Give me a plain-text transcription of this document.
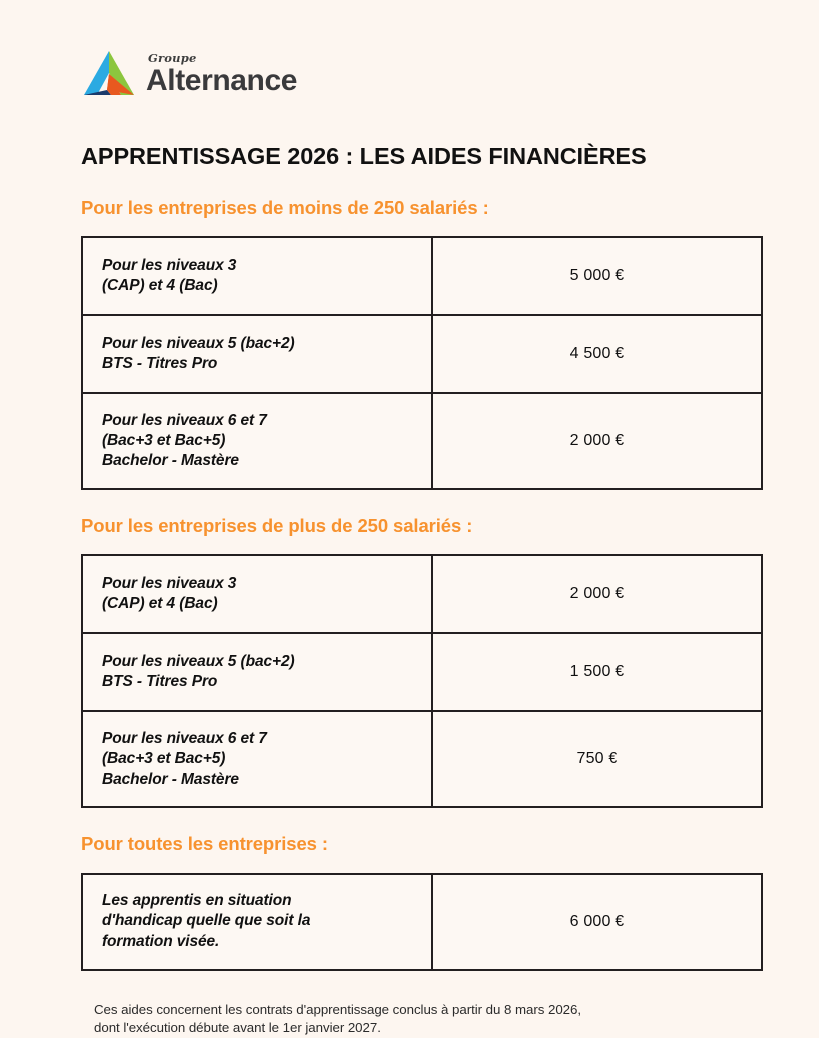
Groupe
Alternance
APPRENTISSAGE 2026 : LES AIDES FINANCIÈRES
Pour les entreprises de moins de 250 salariés :
Pour les niveaux 3
(CAP) et 4 (Bac)	5 000 €

Pour les niveaux 5 (bac+2)
BTS - Titres Pro	4 500 €

Pour les niveaux 6 et 7
(Bac+3 et Bac+5)
Bachelor - Mastère	2 000 €
Pour les entreprises de plus de 250 salariés :
Pour les niveaux 3
(CAP) et 4 (Bac)	2 000 €

Pour les niveaux 5 (bac+2)
BTS - Titres Pro	1 500 €

Pour les niveaux 6 et 7
(Bac+3 et Bac+5)
Bachelor - Mastère	750 €
Pour toutes les entreprises :
Les apprentis en situation
d'handicap quelle que soit la
formation visée.
	6 000 €
Ces aides concernent les contrats d'apprentissage conclus à partir du 8 mars 2026,
dont l'exécution débute avant le 1er janvier 2027.
